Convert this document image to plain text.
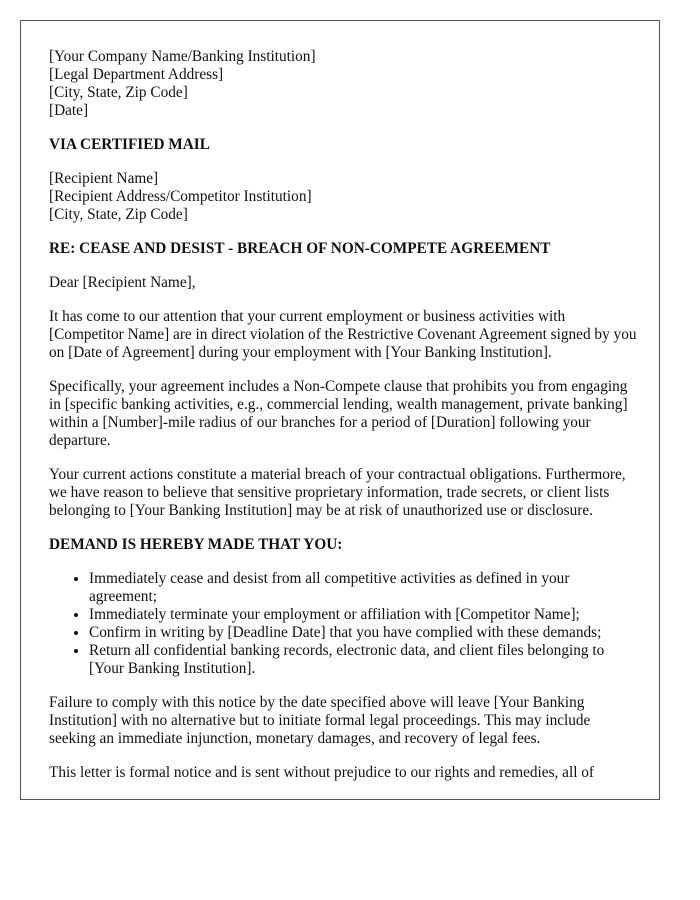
[Your Company Name/Banking Institution]
[Legal Department Address]
[City, State, Zip Code]
[Date]

VIA CERTIFIED MAIL

[Recipient Name]
[Recipient Address/Competitor Institution]
[City, State, Zip Code]

RE: CEASE AND DESIST - BREACH OF NON-COMPETE AGREEMENT

Dear [Recipient Name],

It has come to our attention that your current employment or business activities with [Competitor Name] are in direct violation of the Restrictive Covenant Agreement signed by you on [Date of Agreement] during your employment with [Your Banking Institution].

Specifically, your agreement includes a Non-Compete clause that prohibits you from engaging in [specific banking activities, e.g., commercial lending, wealth management, private banking] within a [Number]-mile radius of our branches for a period of [Duration] following your departure.

Your current actions constitute a material breach of your contractual obligations. Furthermore, we have reason to believe that sensitive proprietary information, trade secrets, or client lists belonging to [Your Banking Institution] may be at risk of unauthorized use or disclosure.

DEMAND IS HEREBY MADE THAT YOU:

• Immediately cease and desist from all competitive activities as defined in your agreement;
• Immediately terminate your employment or affiliation with [Competitor Name];
• Confirm in writing by [Deadline Date] that you have complied with these demands;
• Return all confidential banking records, electronic data, and client files belonging to [Your Banking Institution].

Failure to comply with this notice by the date specified above will leave [Your Banking Institution] with no alternative but to initiate formal legal proceedings. This may include seeking an immediate injunction, monetary damages, and recovery of legal fees.

This letter is formal notice and is sent without prejudice to our rights and remedies, all of
